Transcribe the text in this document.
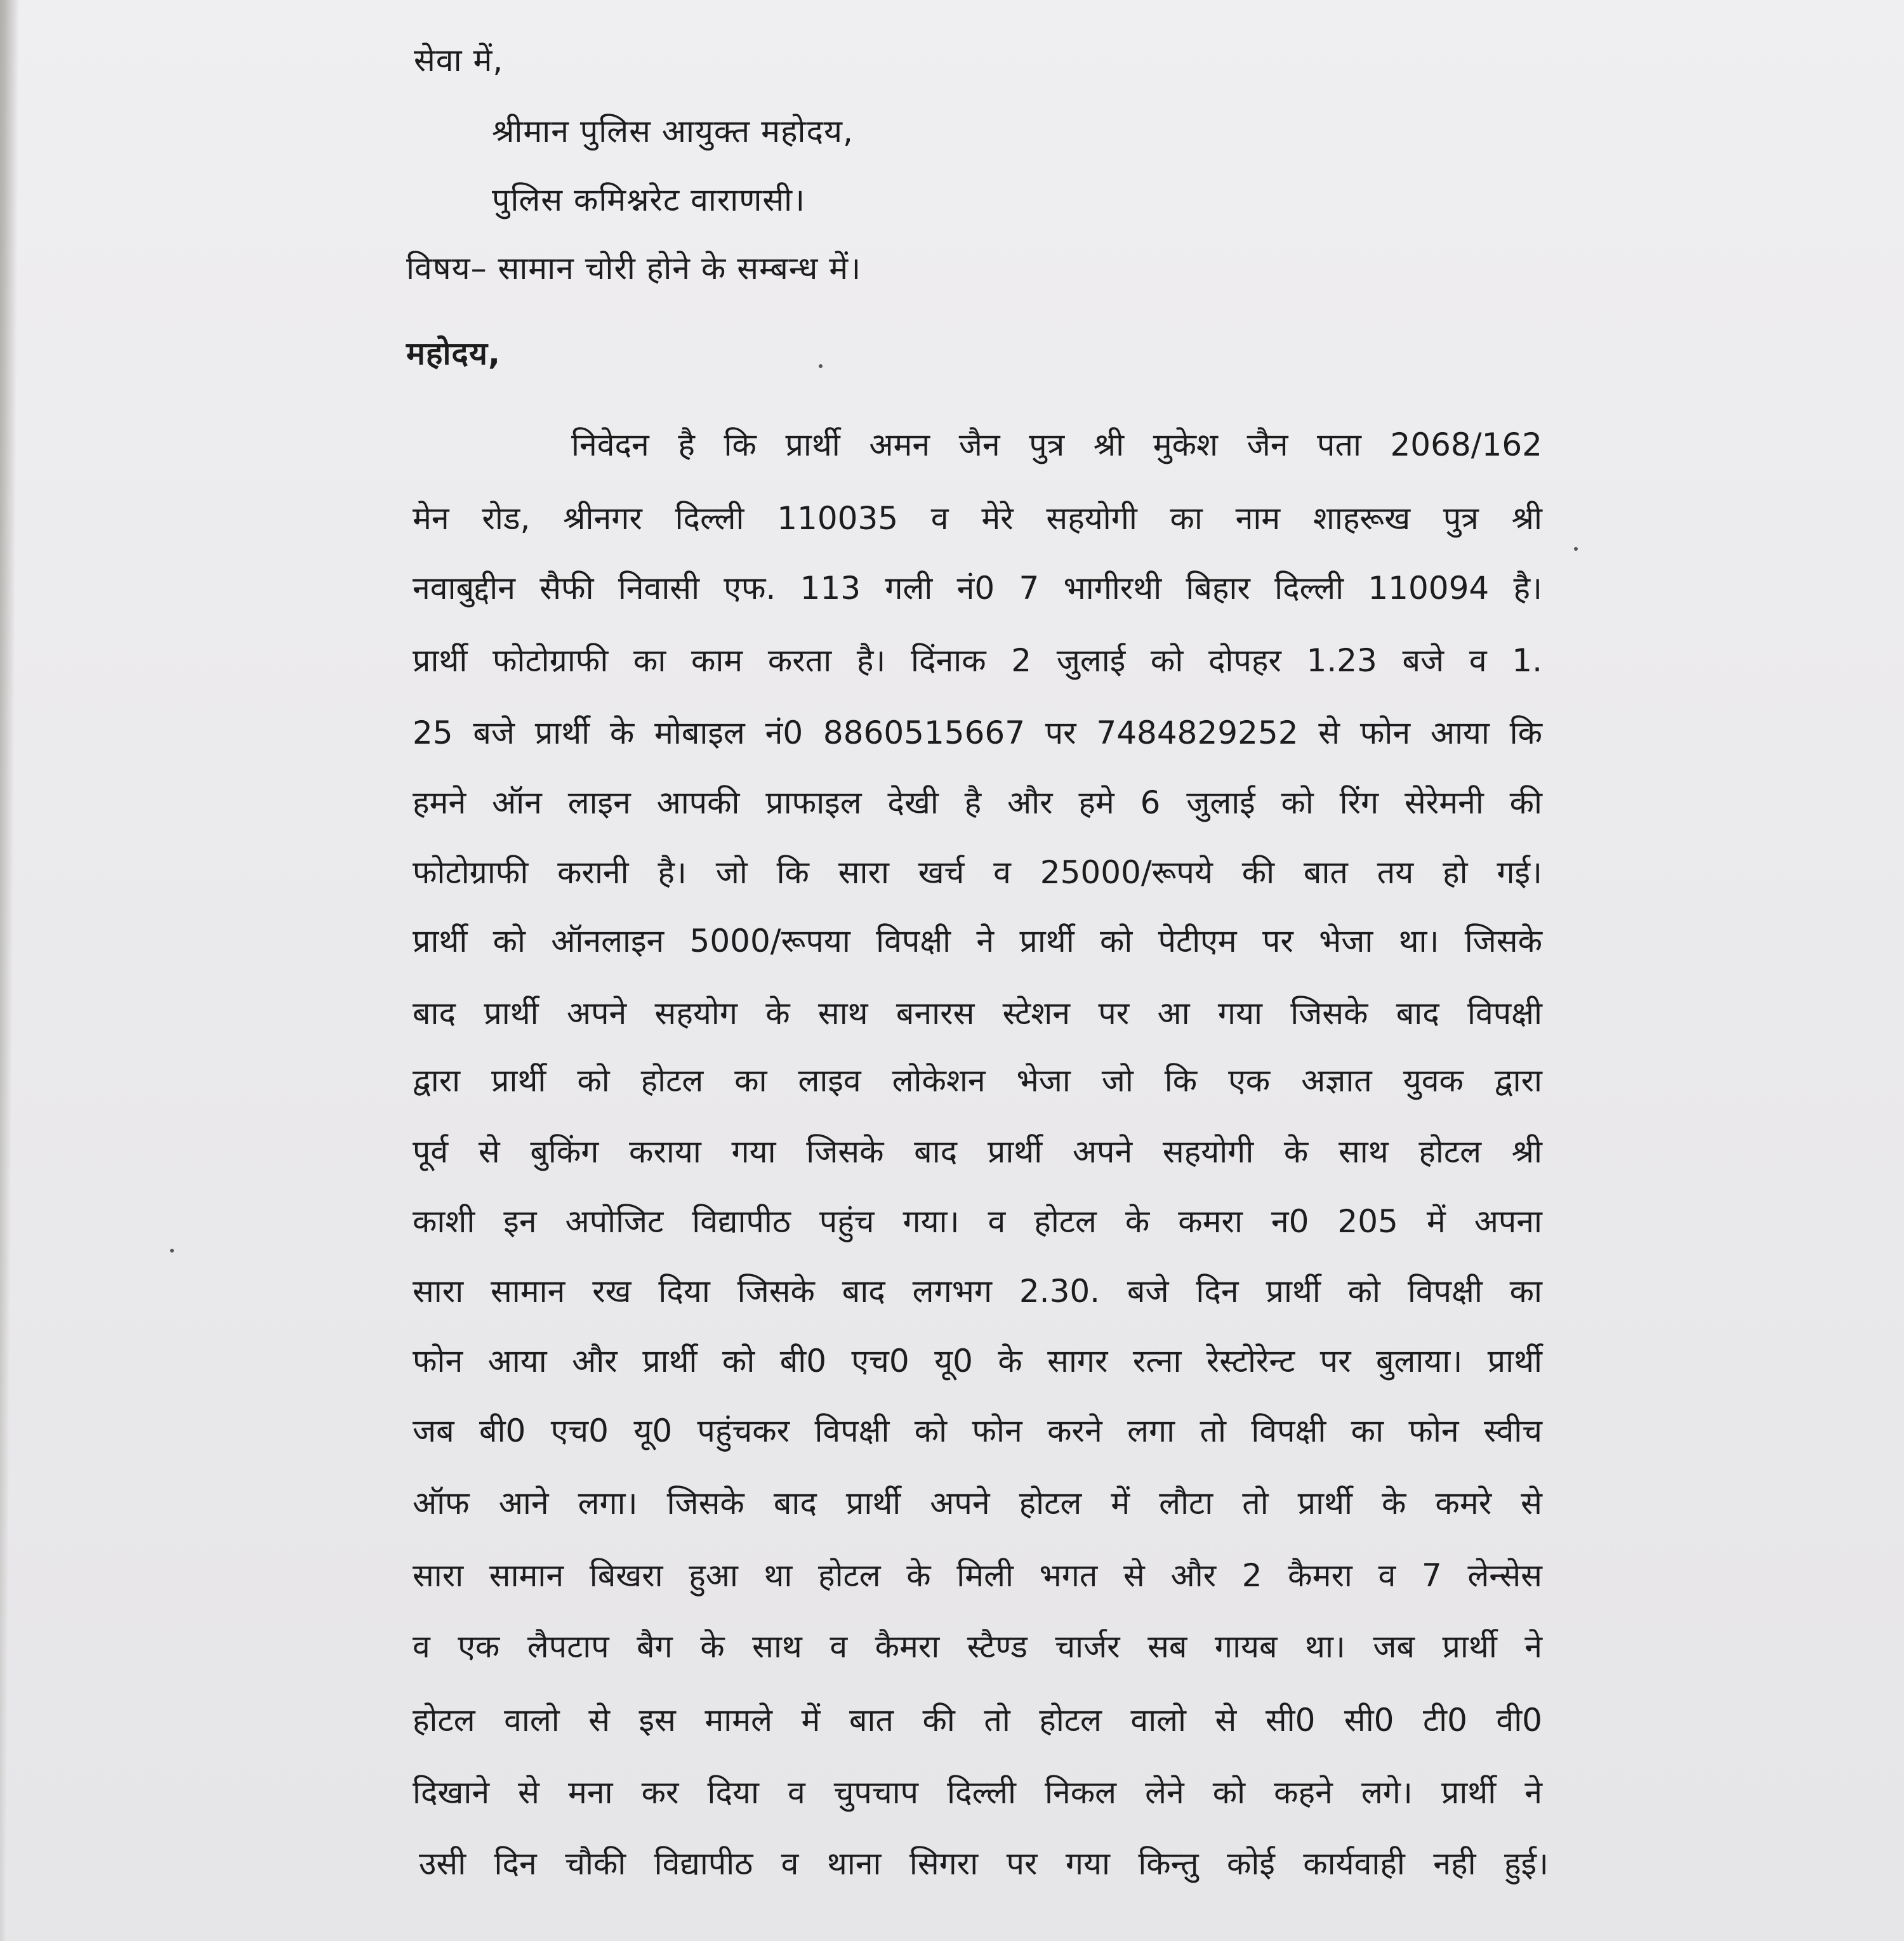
सेवा में,
श्रीमान पुलिस आयुक्त महोदय,
पुलिस कमिश्नरेट वाराणसी।
विषय– सामान चोरी होने के सम्बन्ध में।
महोदय,
निवेदन है कि प्रार्थी अमन जैन पुत्र श्री मुकेश जैन पता 2068/162
मेन रोड, श्रीनगर दिल्ली 110035 व मेरे सहयोगी का नाम शाहरूख पुत्र श्री
नवाबुद्दीन सैफी निवासी एफ. 113 गली नं0 7 भागीरथी बिहार दिल्ली 110094 है।
प्रार्थी फोटोग्राफी का काम करता है। दिंनाक 2 जुलाई को दोपहर 1.23 बजे व 1.
25 बजे प्रार्थी के मोबाइल नं0 8860515667 पर 7484829252 से फोन आया कि
हमने ऑन लाइन आपकी प्राफाइल देखी है और हमे 6 जुलाई को रिंग सेरेमनी की
फोटोग्राफी करानी है। जो कि सारा खर्च व 25000/रूपये की बात तय हो गई।
प्रार्थी को ऑनलाइन 5000/रूपया विपक्षी ने प्रार्थी को पेटीएम पर भेजा था। जिसके
बाद प्रार्थी अपने सहयोग के साथ बनारस स्टेशन पर आ गया जिसके बाद विपक्षी
द्वारा प्रार्थी को होटल का लाइव लोकेशन भेजा जो कि एक अज्ञात युवक द्वारा
पूर्व से बुकिंग कराया गया जिसके बाद प्रार्थी अपने सहयोगी के साथ होटल श्री
काशी इन अपोजिट विद्यापीठ पहुंच गया। व होटल के कमरा न0 205 में अपना
सारा सामान रख दिया जिसके बाद लगभग 2.30. बजे दिन प्रार्थी को विपक्षी का
फोन आया और प्रार्थी को बी0 एच0 यू0 के सागर रत्ना रेस्टोरेन्ट पर बुलाया। प्रार्थी
जब बी0 एच0 यू0 पहुंचकर विपक्षी को फोन करने लगा तो विपक्षी का फोन स्वीच
ऑफ आने लगा। जिसके बाद प्रार्थी अपने होटल में लौटा तो प्रार्थी के कमरे से
सारा सामान बिखरा हुआ था होटल के मिली भगत से और 2 कैमरा व 7 लेन्सेस
व एक लैपटाप बैग के साथ व कैमरा स्टैण्ड चार्जर सब गायब था। जब प्रार्थी ने
होटल वालो से इस मामले में बात की तो होटल वालो से सी0 सी0 टी0 वी0
दिखाने से मना कर दिया व चुपचाप दिल्ली निकल लेने को कहने लगे। प्रार्थी ने
उसी दिन चौकी विद्यापीठ व थाना सिगरा पर गया किन्तु कोई कार्यवाही नही हुई।
